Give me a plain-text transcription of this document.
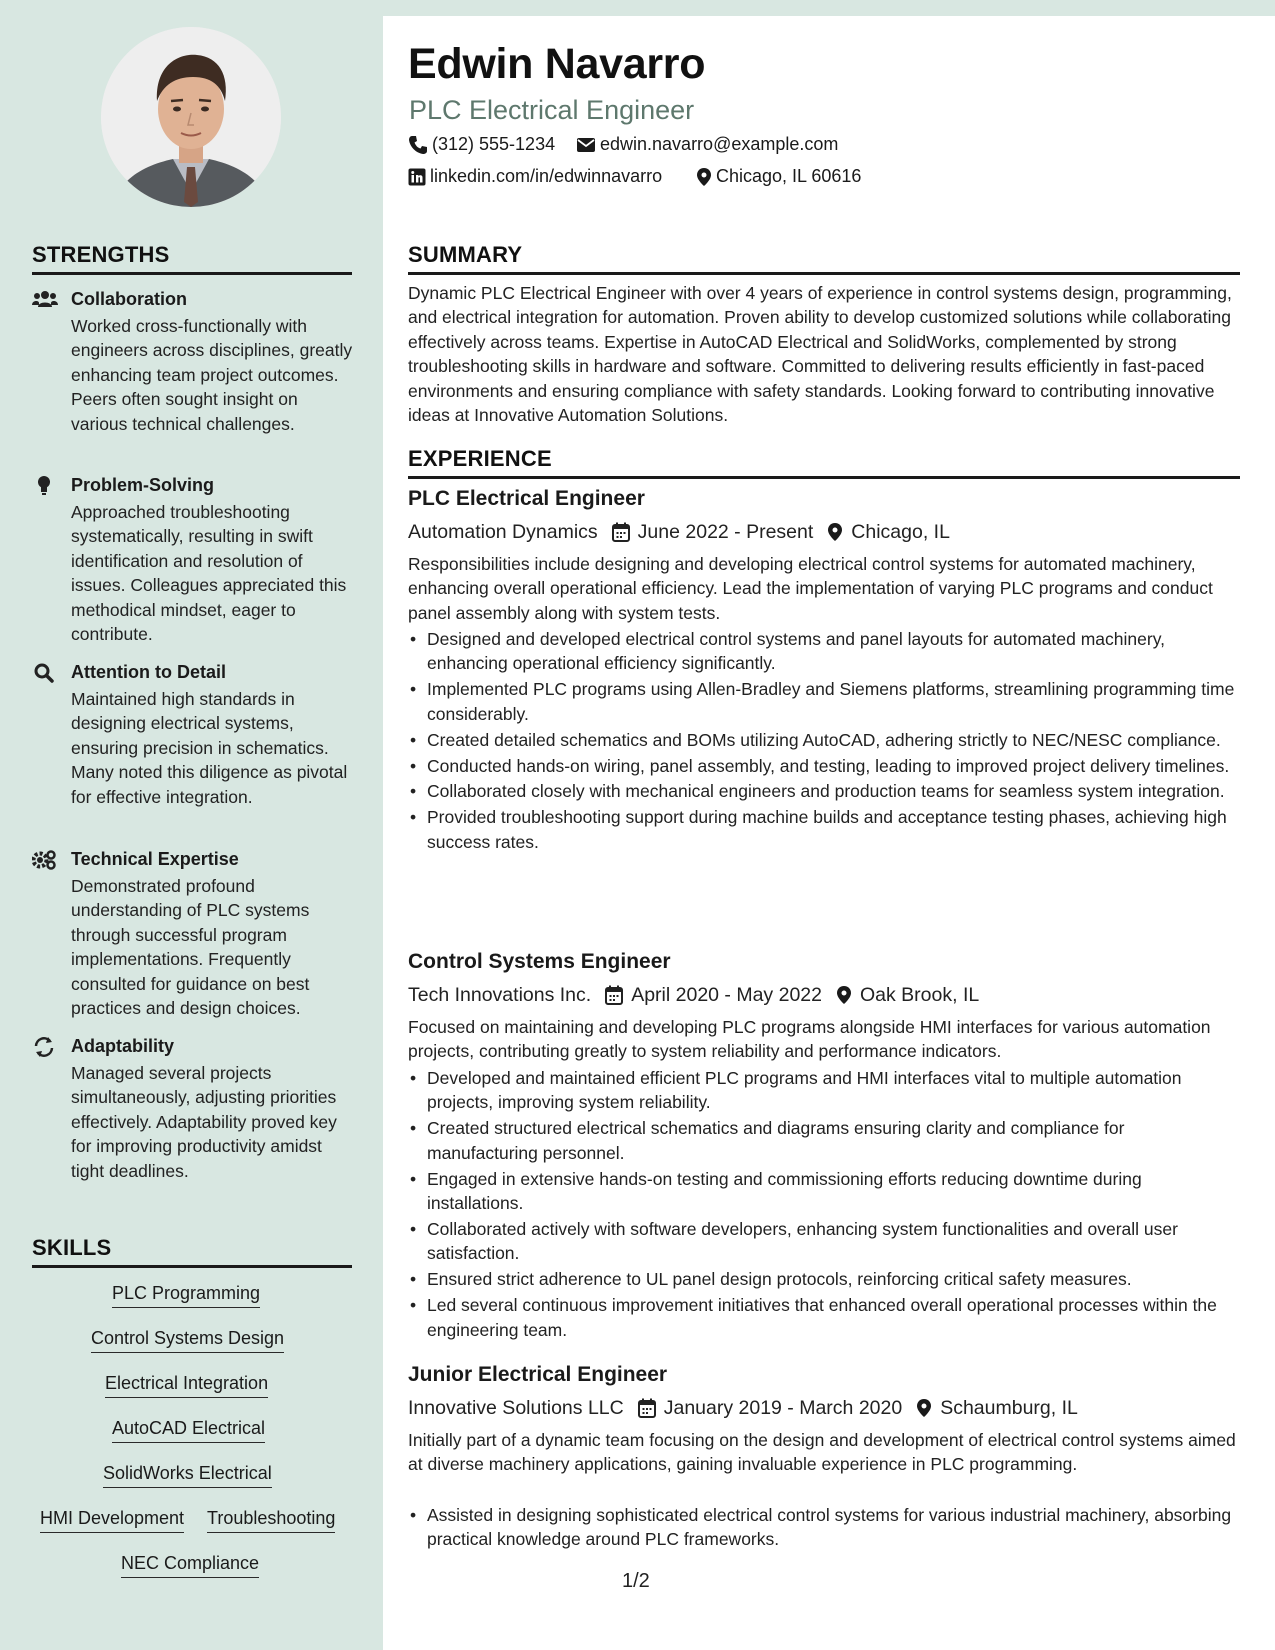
STRENGTHS
Collaboration
Worked cross-functionally with engineers across disciplines, greatly enhancing team project outcomes. Peers often sought insight on various technical challenges.
Problem-Solving
Approached troubleshooting systematically, resulting in swift identification and resolution of issues. Colleagues appreciated this methodical mindset, eager to contribute.
Attention to Detail
Maintained high standards in designing electrical systems, ensuring precision in schematics. Many noted this diligence as pivotal for effective integration.
Technical Expertise
Demonstrated profound understanding of PLC systems through successful program implementations. Frequently consulted for guidance on best practices and design choices.
Adaptability
Managed several projects simultaneously, adjusting priorities effectively. Adaptability proved key for improving productivity amidst tight deadlines.
SKILLS
PLC Programming
Control Systems Design
Electrical Integration
AutoCAD Electrical
SolidWorks Electrical
HMI Development Troubleshooting
NEC Compliance
Edwin Navarro
PLC Electrical Engineer
(312) 555-1234 edwin.navarro@example.com
linkedin.com/in/edwinnavarro	Chicago, IL 60616
SUMMARY
Dynamic PLC Electrical Engineer with over 4 years of experience in control systems design, programming, and electrical integration for automation. Proven ability to develop customized solutions while collaborating effectively across teams. Expertise in AutoCAD Electrical and SolidWorks, complemented by strong troubleshooting skills in hardware and software. Committed to delivering results efficiently in fast-paced environments and ensuring compliance with safety standards. Looking forward to contributing innovative ideas at Innovative Automation Solutions.
EXPERIENCE
PLC Electrical Engineer
Automation Dynamics June 2022 - Present Chicago, IL
Responsibilities include designing and developing electrical control systems for automated machinery, enhancing overall operational efficiency. Lead the implementation of varying PLC programs and conduct panel assembly along with system tests.
• Designed and developed electrical control systems and panel layouts for automated machinery, enhancing operational efficiency significantly.
• Implemented PLC programs using Allen-Bradley and Siemens platforms, streamlining programming time considerably.
• Created detailed schematics and BOMs utilizing AutoCAD, adhering strictly to NEC/NESC compliance.
• Conducted hands-on wiring, panel assembly, and testing, leading to improved project delivery timelines.
• Collaborated closely with mechanical engineers and production teams for seamless system integration.
• Provided troubleshooting support during machine builds and acceptance testing phases, achieving high success rates.
Control Systems Engineer
Tech Innovations Inc. April 2020 - May 2022 Oak Brook, IL
Focused on maintaining and developing PLC programs alongside HMI interfaces for various automation projects, contributing greatly to system reliability and performance indicators.
• Developed and maintained efficient PLC programs and HMI interfaces vital to multiple automation projects, improving system reliability.
• Created structured electrical schematics and diagrams ensuring clarity and compliance for manufacturing personnel.
• Engaged in extensive hands-on testing and commissioning efforts reducing downtime during installations.
• Collaborated actively with software developers, enhancing system functionalities and overall user satisfaction.
• Ensured strict adherence to UL panel design protocols, reinforcing critical safety measures.
• Led several continuous improvement initiatives that enhanced overall operational processes within the engineering team.
Junior Electrical Engineer
Innovative Solutions LLC January 2019 - March 2020 Schaumburg, IL
Initially part of a dynamic team focusing on the design and development of electrical control systems aimed at diverse machinery applications, gaining invaluable experience in PLC programming.
• Assisted in designing sophisticated electrical control systems for various industrial machinery, absorbing practical knowledge around PLC frameworks.
1/2
